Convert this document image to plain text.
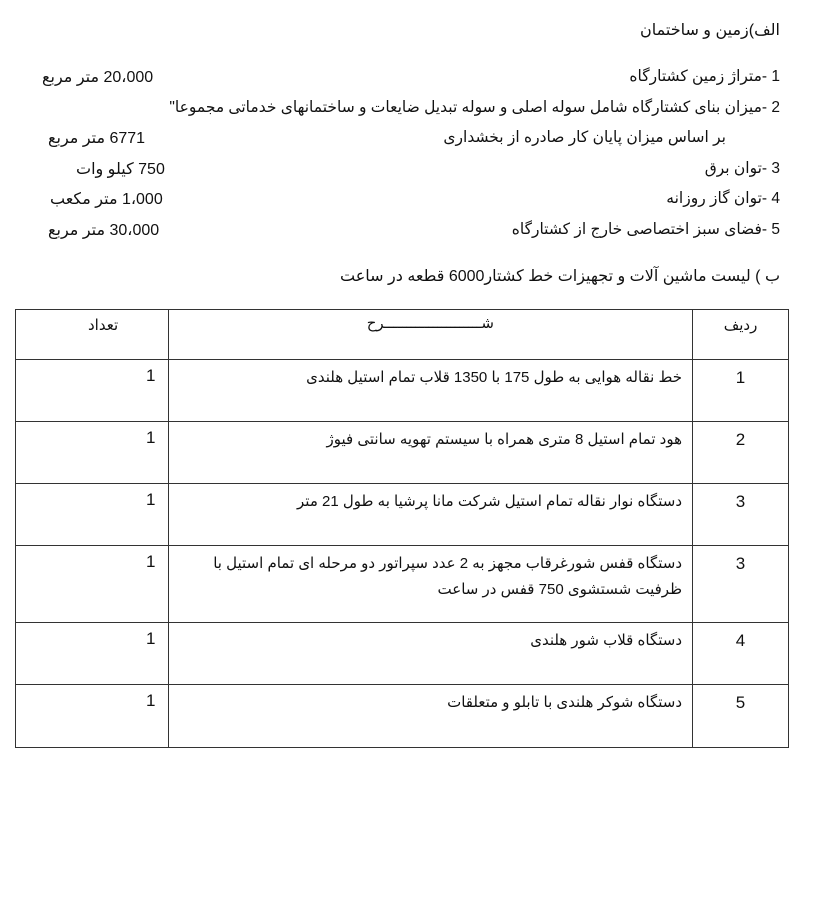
الف)زمین و ساختمان
1 -متراژ زمین کشتارگاه
20،000 متر مربع
2 -میزان بنای کشتارگاه شامل سوله اصلی و سوله تبدیل ضایعات و ساختمانهای خدماتی مجموعا"
بر اساس میزان پایان کار صادره از بخشداری
6771 متر مربع
3 -توان برق
750 کیلو وات
4 -توان گاز روزانه
1،000 متر مکعب
5 -فضای سبز اختصاصی خارج از کشتارگاه
30،000 متر مربع
ب ) لیست ماشین آلات و تجهیزات خط کشتار6000 قطعه در ساعت
ردیف	شــــــــــــــــــــــرح	تعداد

1	خط نقاله هوایی به طول 175 با 1350 قلاب تمام استیل هلندی	1

2	هود تمام استیل 8 متری همراه با سیستم تهویه سانتی فیوژ	1

3	دستگاه نوار نقاله تمام استیل شرکت مانا پرشیا به طول 21 متر	1

3	دستگاه قفس شورغرقاب مجهز به 2 عدد سپراتور دو مرحله ای تمام استیل با ظرفیت شستشوی 750 قفس در ساعت	1

4	دستگاه قلاب شور هلندی	1

5	دستگاه شوکر هلندی با تابلو و متعلقات	1
